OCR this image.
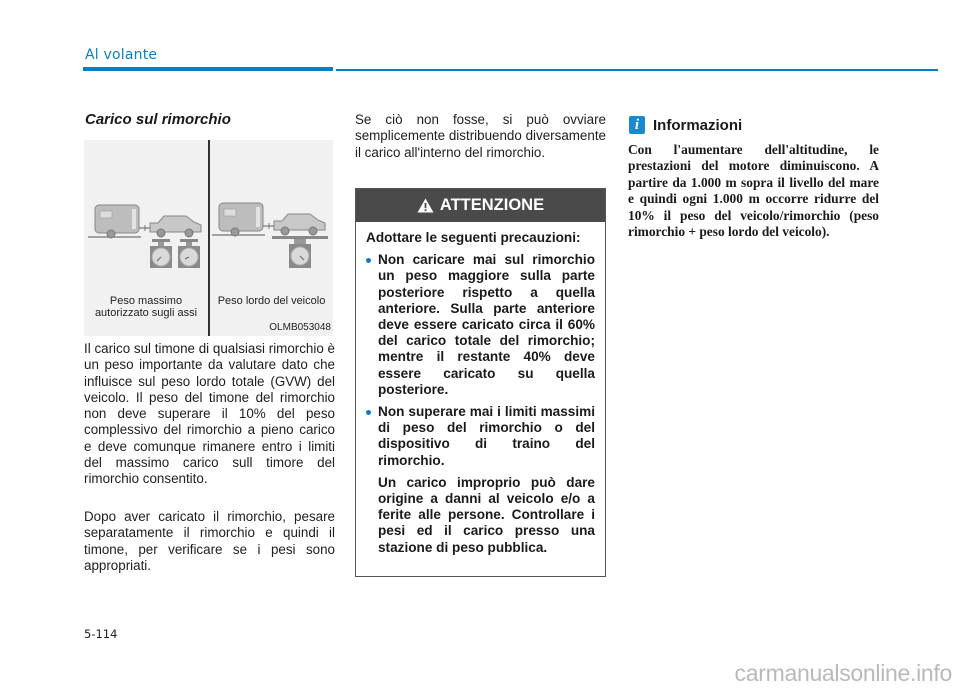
Al volante
Carico sul rimorchio
Peso massimo autorizzato sugli assi
Peso lordo del veicolo
OLMB053048

Il carico sul timone di qualsiasi rimorchio è un peso importante da valutare dato che influisce sul peso lordo totale (GVW) del veicolo. Il peso del timone del rimorchio non deve superare il 10% del peso complessivo del rimorchio a pieno carico e deve comunque rimanere entro i limiti del massimo carico sull timore del rimorchio consentito.

Dopo aver caricato il rimorchio, pesare separatamente il rimorchio e quindi il timone, per verificare se i pesi sono appropriati.

Se ciò non fosse, si può ovviare semplicemente distribuendo diversamente il carico all'interno del rimorchio.

ATTENZIONE
Adottare le seguenti precauzioni:
Non caricare mai sul rimorchio un peso maggiore sulla parte posteriore rispetto a quella anteriore. Sulla parte anteriore deve essere caricato circa il 60% del carico totale del rimorchio; mentre il restante 40% deve essere caricato su quella posteriore.
Non superare mai i limiti massimi di peso del rimorchio o del dispositivo di traino del rimorchio.
Un carico improprio può dare origine a danni al veicolo e/o a ferite alle persone. Controllare i pesi ed il carico presso una stazione di peso pubblica.
i Informazioni

Con l'aumentare dell'altitudine, le prestazioni del motore diminuiscono. A partire da 1.000 m sopra il livello del mare e quindi ogni 1.000 m occorre ridurre del 10% il peso del veicolo/rimorchio (peso rimorchio + peso lordo del veicolo).

5-114
carmanualsonline.info
